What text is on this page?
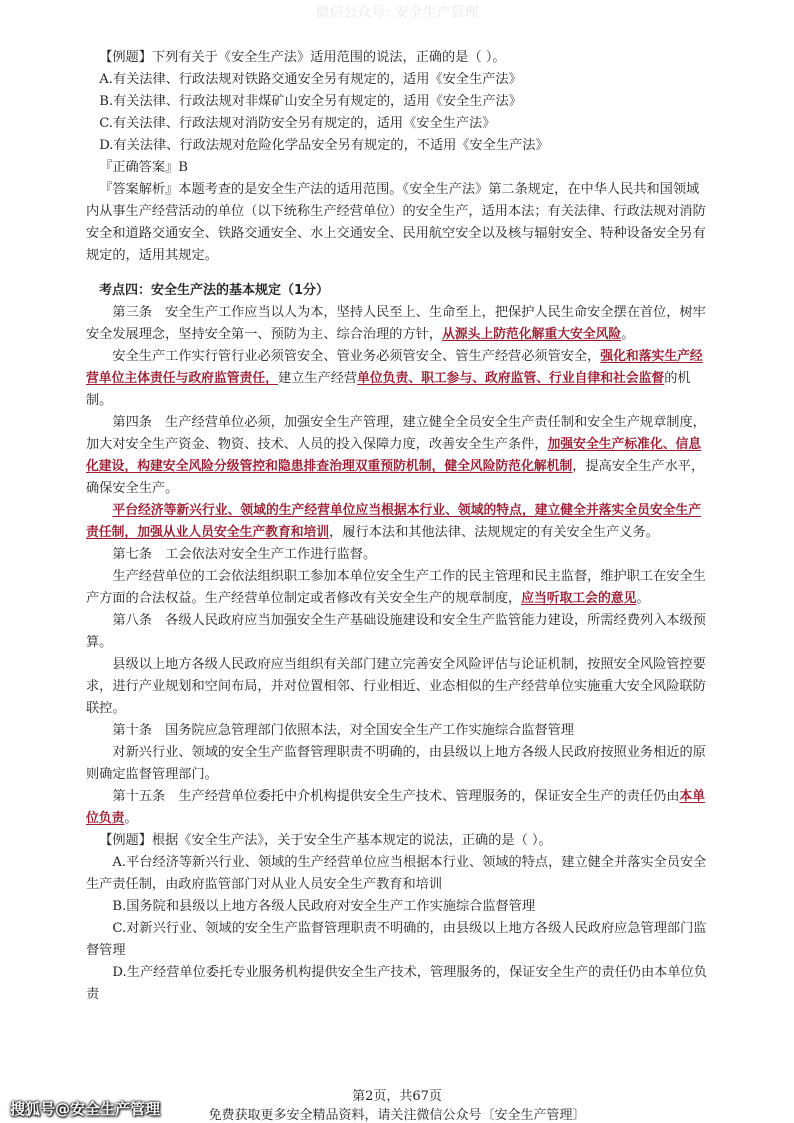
微信公众号: 安全生产管理

【例题】下列有关于《安全生产法》适用范围的说法，正确的是（ ）。

A.有关法律、行政法规对铁路交通安全另有规定的，适用《安全生产法》

B.有关法律、行政法规对非煤矿山安全另有规定的，适用《安全生产法》

C.有关法律、行政法规对消防安全另有规定的，适用《安全生产法》

D.有关法律、行政法规对危险化学品安全另有规定的，不适用《安全生产法》

『正确答案』B

『答案解析』本题考查的是安全生产法的适用范围。《安全生产法》第二条规定，在中华人民共和国领域内从事生产经营活动的单位（以下统称生产经营单位）的安全生产，适用本法；有关法律、行政法规对消防安全和道路交通安全、铁路交通安全、水上交通安全、民用航空安全以及核与辐射安全、特种设备安全另有规定的，适用其规定。

考点四：安全生产法的基本规定（1分）

第三条　安全生产工作应当以人为本，坚持人民至上、生命至上，把保护人民生命安全摆在首位，树牢安全发展理念，坚持安全第一、预防为主、综合治理的方针，从源头上防范化解重大安全风险。

安全生产工作实行管行业必须管安全、管业务必须管安全、管生产经营必须管安全，强化和落实生产经营单位主体责任与政府监管责任，建立生产经营单位负责、职工参与、政府监管、行业自律和社会监督的机制。

第四条　生产经营单位必须，加强安全生产管理，建立健全全员安全生产责任制和安全生产规章制度，加大对安全生产资金、物资、技术、人员的投入保障力度，改善安全生产条件，加强安全生产标准化、信息化建设，构建安全风险分级管控和隐患排查治理双重预防机制，健全风险防范化解机制，提高安全生产水平，确保安全生产。

平台经济等新兴行业、领域的生产经营单位应当根据本行业、领域的特点，建立健全并落实全员安全生产责任制，加强从业人员安全生产教育和培训，履行本法和其他法律、法规规定的有关安全生产义务。

第七条　工会依法对安全生产工作进行监督。

生产经营单位的工会依法组织职工参加本单位安全生产工作的民主管理和民主监督，维护职工在安全生产方面的合法权益。生产经营单位制定或者修改有关安全生产的规章制度，应当听取工会的意见。

第八条　各级人民政府应当加强安全生产基础设施建设和安全生产监管能力建设，所需经费列入本级预算。

县级以上地方各级人民政府应当组织有关部门建立完善安全风险评估与论证机制，按照安全风险管控要求，进行产业规划和空间布局，并对位置相邻、行业相近、业态相似的生产经营单位实施重大安全风险联防联控。

第十条　国务院应急管理部门依照本法，对全国安全生产工作实施综合监督管理

对新兴行业、领域的安全生产监督管理职责不明确的，由县级以上地方各级人民政府按照业务相近的原则确定监督管理部门。

第十五条　生产经营单位委托中介机构提供安全生产技术、管理服务的，保证安全生产的责任仍由本单位负责。

【例题】根据《安全生产法》，关于安全生产基本规定的说法，正确的是（ ）。

A.平台经济等新兴行业、领域的生产经营单位应当根据本行业、领域的特点，建立健全并落实全员安全生产责任制，由政府监管部门对从业人员安全生产教育和培训

B.国务院和县级以上地方各级人民政府对安全生产工作实施综合监督管理

C.对新兴行业、领域的安全生产监督管理职责不明确的，由县级以上地方各级人民政府应急管理部门监督管理

D.生产经营单位委托专业服务机构提供安全生产技术，管理服务的，保证安全生产的责任仍由本单位负责

第2页，共67页
免费获取更多安全精品资料，请关注微信公众号〔安全生产管理〕
搜狐号@安全生产管理
